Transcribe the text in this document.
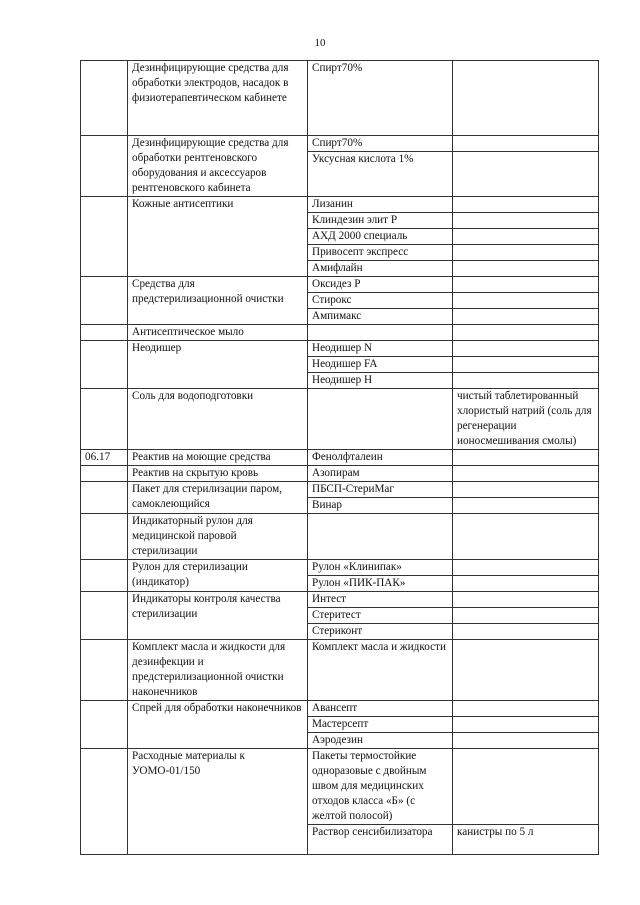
10
	Дезинфицирующие средства для обработки электродов, насадок в физиотерапевтическом кабинете	Спирт70%	
	Дезинфицирующие средства для обработки рентгеновского оборудования и аксессуаров рентгеновского кабинета	Спирт70%	
		Уксусная кислота 1%	
	Кожные антисептики	Лизанин	
		Клиндезин элит Р	
		АХД 2000 специаль	
		Привосепт экспресс	
		Амифлайн	
	Средства для предстерилизационной очистки	Оксидез Р	
		Стирокс	
		Ампимакс	
	Антисептическое мыло		
	Неодишер	Неодишер N	
		Неодишер FA	
		Неодишер Н	
	Соль для водоподготовки		чистый таблетированный хлористый натрий (соль для регенерации ионосмешивания смолы)
06.17	Реактив на моющие средства	Фенолфталеин	
	Реактив на скрытую кровь	Азопирам	
	Пакет для стерилизации паром, самоклеющийся	ПБСП-СтериМаг	
		Винар	
	Индикаторный рулон для медицинской паровой стерилизации		
	Рулон для стерилизации (индикатор)	Рулон «Клинипак»	
		Рулон «ПИК-ПАК»	
	Индикаторы контроля качества стерилизации	Интест	
		Стеритест	
		Стериконт	
	Комплект масла и жидкости для дезинфекции и предстерилизационной очистки наконечников	Комплект масла и жидкости	
	Спрей для обработки наконечников	Авансепт	
		Мастерсепт	
		Аэродезин	
	Расходные материалы к УОМО-01/150	Пакеты термостойкие одноразовые с двойным швом для медицинских отходов класса «Б» (с желтой полосой)	
		Раствор сенсибилизатора	канистры по 5 л
